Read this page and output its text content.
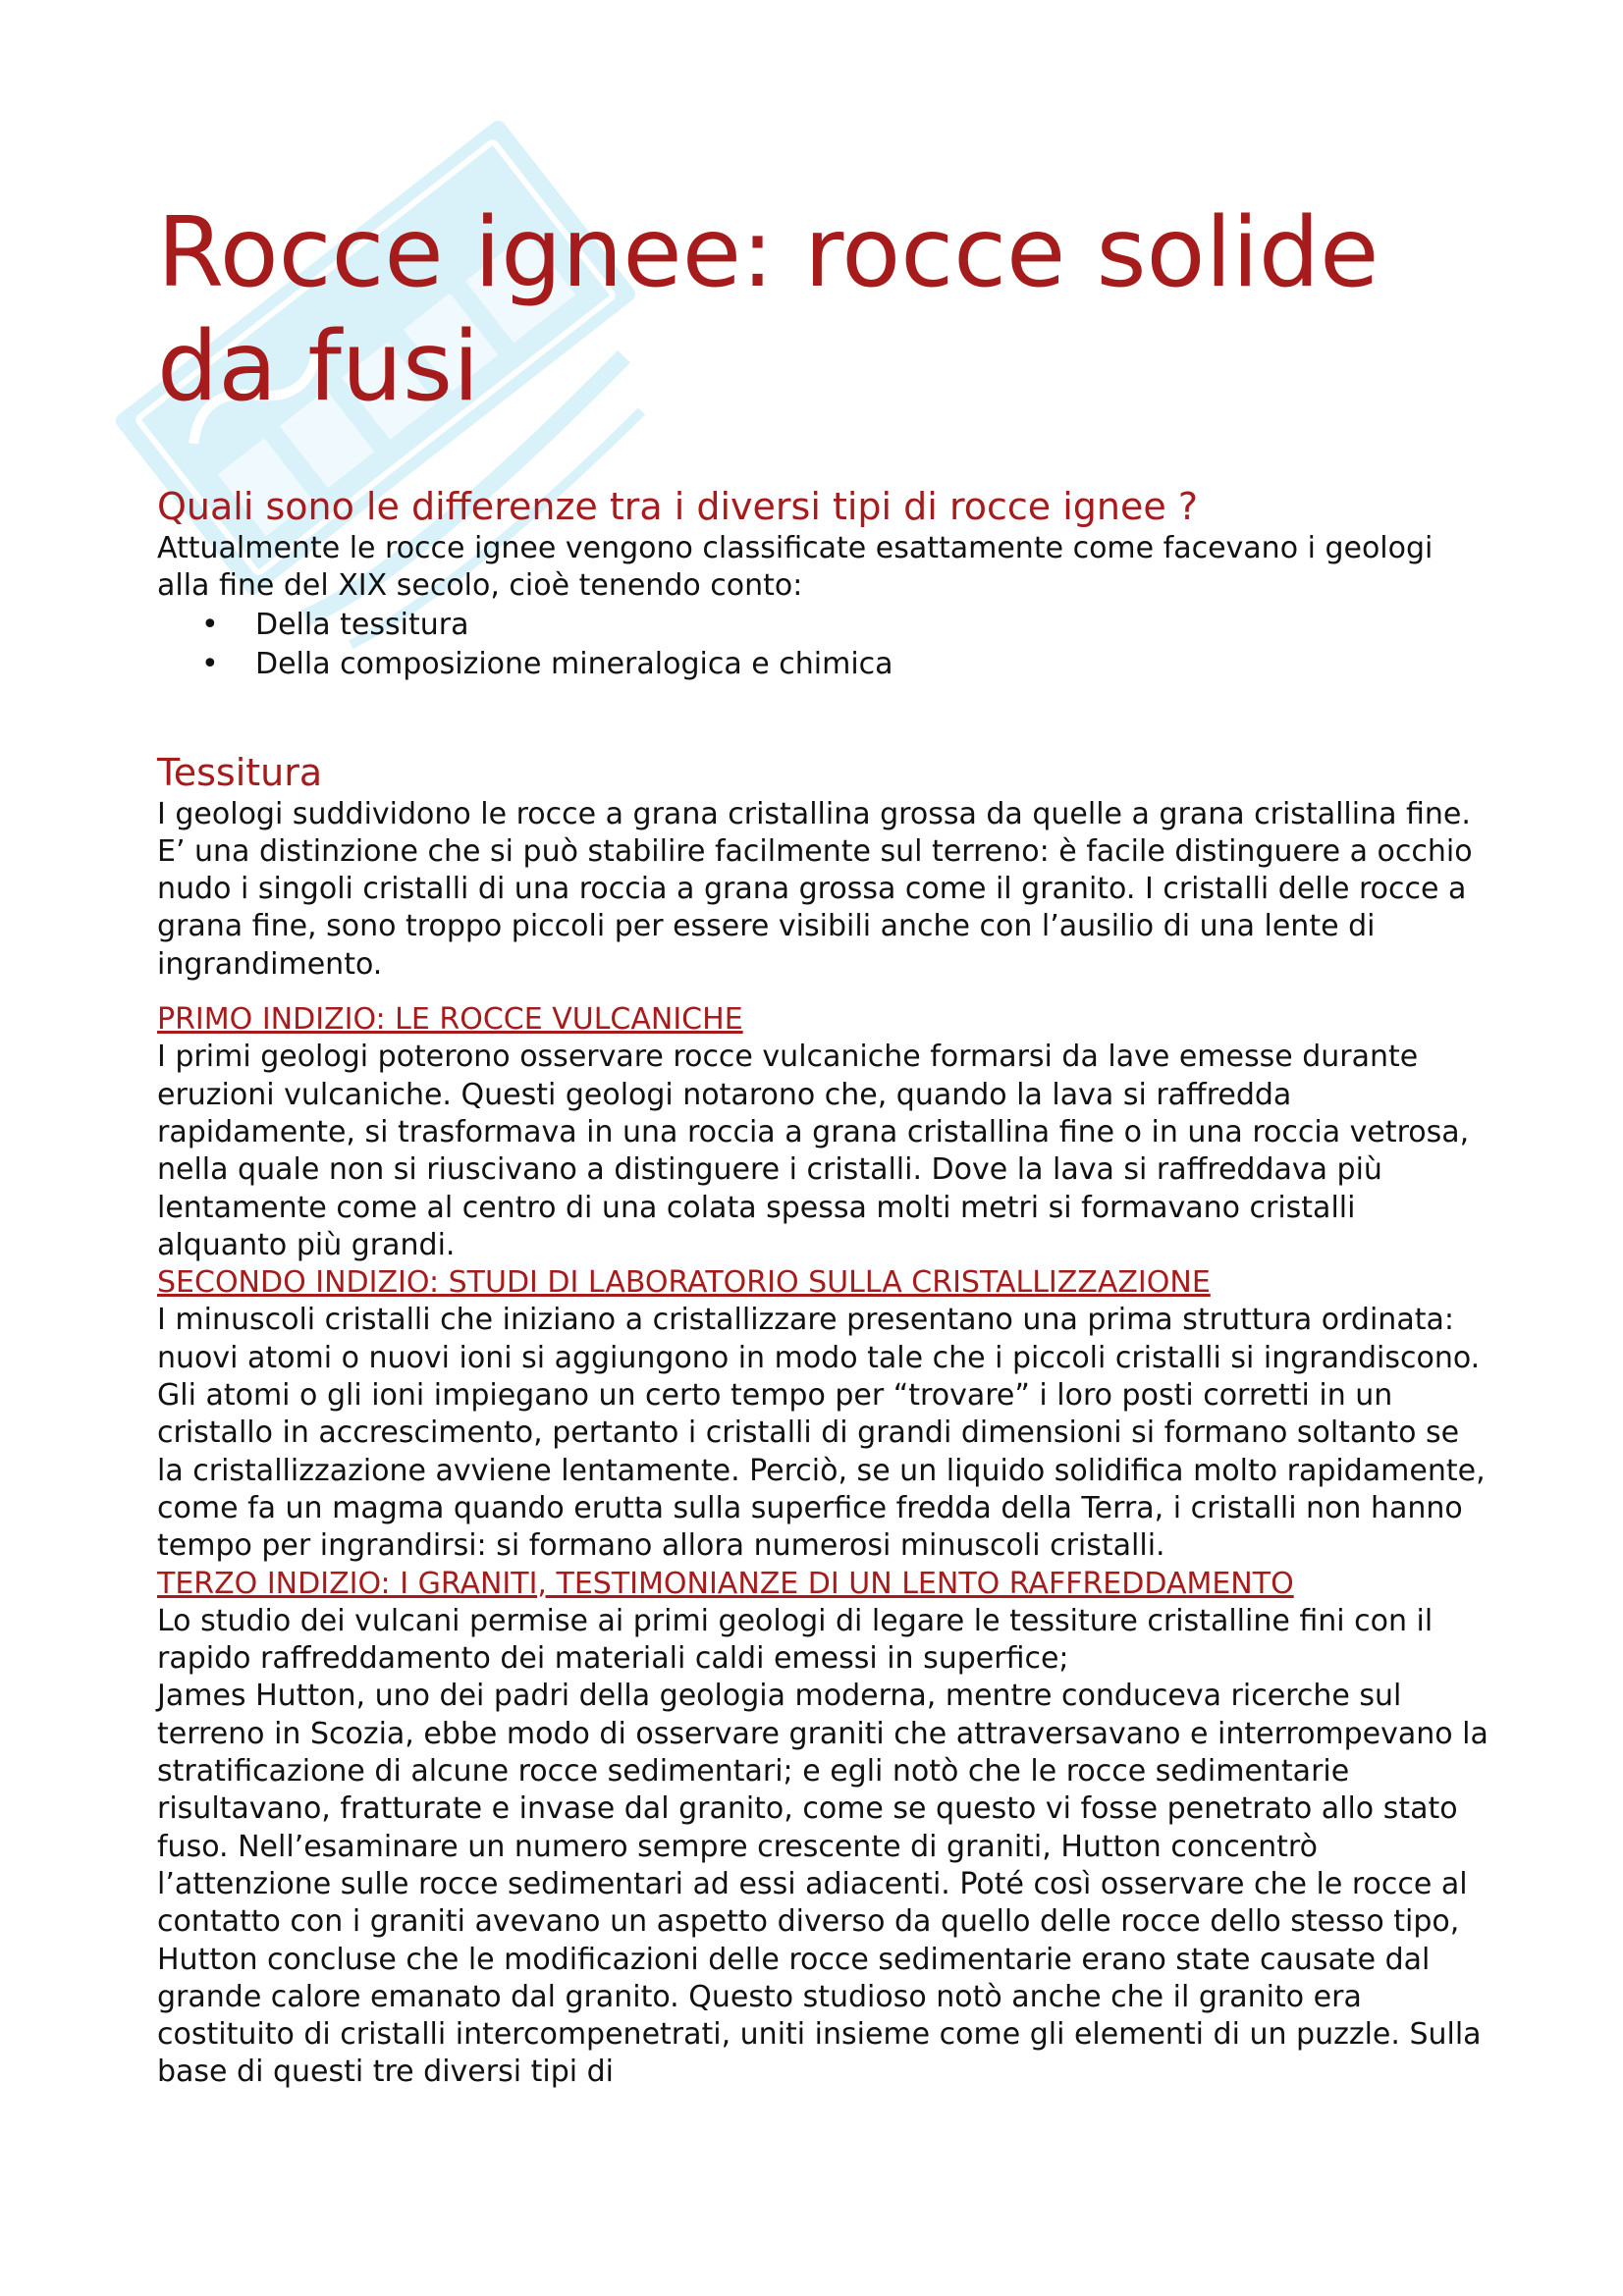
Rocce ignee: rocce solide da fusi
Quali sono le differenze tra i diversi tipi di rocce ignee ?

Attualmente le rocce ignee vengono classificate esattamente come facevano i geologi alla fine del XIX secolo, cioè tenendo conto:

• Della tessitura
• Della composizione mineralogica e chimica
Tessitura

I geologi suddividono le rocce a grana cristallina grossa da quelle a grana cristallina fine. E’ una distinzione che si può stabilire facilmente sul terreno: è facile distinguere a occhio nudo i singoli cristalli di una roccia a grana grossa come il granito. I cristalli delle rocce a grana fine, sono troppo piccoli per essere visibili anche con l’ausilio di una lente di ingrandimento.

PRIMO INDIZIO: LE ROCCE VULCANICHE

I primi geologi poterono osservare rocce vulcaniche formarsi da lave emesse durante eruzioni vulcaniche. Questi geologi notarono che, quando la lava si raffredda rapidamente, si trasformava in una roccia a grana cristallina fine o in una roccia vetrosa, nella quale non si riuscivano a distinguere i cristalli. Dove la lava si raffreddava più lentamente come al centro di una colata spessa molti metri si formavano cristalli alquanto più grandi.

SECONDO INDIZIO: STUDI DI LABORATORIO SULLA CRISTALLIZZAZIONE

I minuscoli cristalli che iniziano a cristallizzare presentano una prima struttura ordinata: nuovi atomi o nuovi ioni si aggiungono in modo tale che i piccoli cristalli si ingrandiscono. Gli atomi o gli ioni impiegano un certo tempo per “trovare” i loro posti corretti in un cristallo in accrescimento, pertanto i cristalli di grandi dimensioni si formano soltanto se la cristallizzazione avviene lentamente. Perciò, se un liquido solidifica molto rapidamente, come fa un magma quando erutta sulla superfice fredda della Terra, i cristalli non hanno tempo per ingrandirsi: si formano allora numerosi minuscoli cristalli.

TERZO INDIZIO: I GRANITI, TESTIMONIANZE DI UN LENTO RAFFREDDAMENTO

Lo studio dei vulcani permise ai primi geologi di legare le tessiture cristalline fini con il rapido raffreddamento dei materiali caldi emessi in superfice;

James Hutton, uno dei padri della geologia moderna, mentre conduceva ricerche sul terreno in Scozia, ebbe modo di osservare graniti che attraversavano e interrompevano la stratificazione di alcune rocce sedimentari; e egli notò che le rocce sedimentarie risultavano, fratturate e invase dal granito, come se questo vi fosse penetrato allo stato fuso. Nell’esaminare un numero sempre crescente di graniti, Hutton concentrò l’attenzione sulle rocce sedimentari ad essi adiacenti. Poté così osservare che le rocce al contatto con i graniti avevano un aspetto diverso da quello delle rocce dello stesso tipo, Hutton concluse che le modificazioni delle rocce sedimentarie erano state causate dal grande calore emanato dal granito. Questo studioso notò anche che il granito era costituito di cristalli intercompenetrati, uniti insieme come gli elementi di un puzzle. Sulla base di questi tre diversi tipi di
